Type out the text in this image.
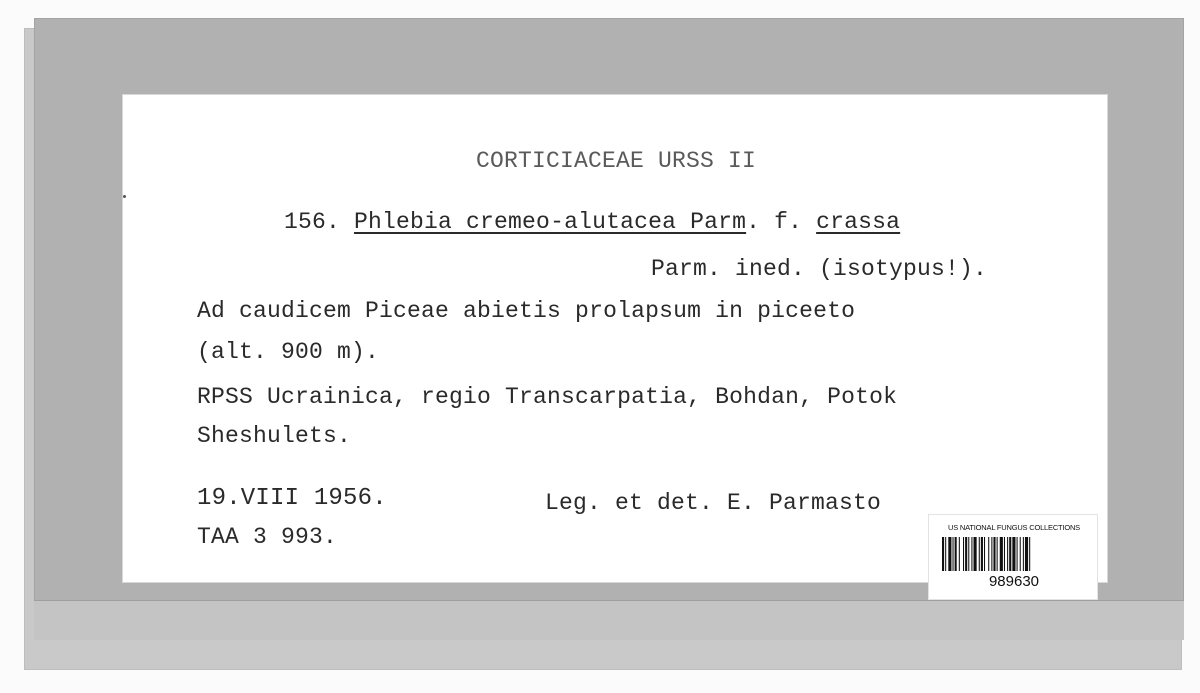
CORTICIACEAE URSS II
156. Phlebia cremeo-alutacea Parm. f. crassa
Parm. ined. (isotypus!).
Ad caudicem Piceae abietis prolapsum in piceeto
(alt. 900 m).
RPSS Ucrainica, regio Transcarpatia, Bohdan, Potok
Sheshulets.
19.VIII 1956.	Leg. et det. E. Parmasto
TAA 3 993.	US NATIONAL FUNGUS COLLECTIONS
989630
